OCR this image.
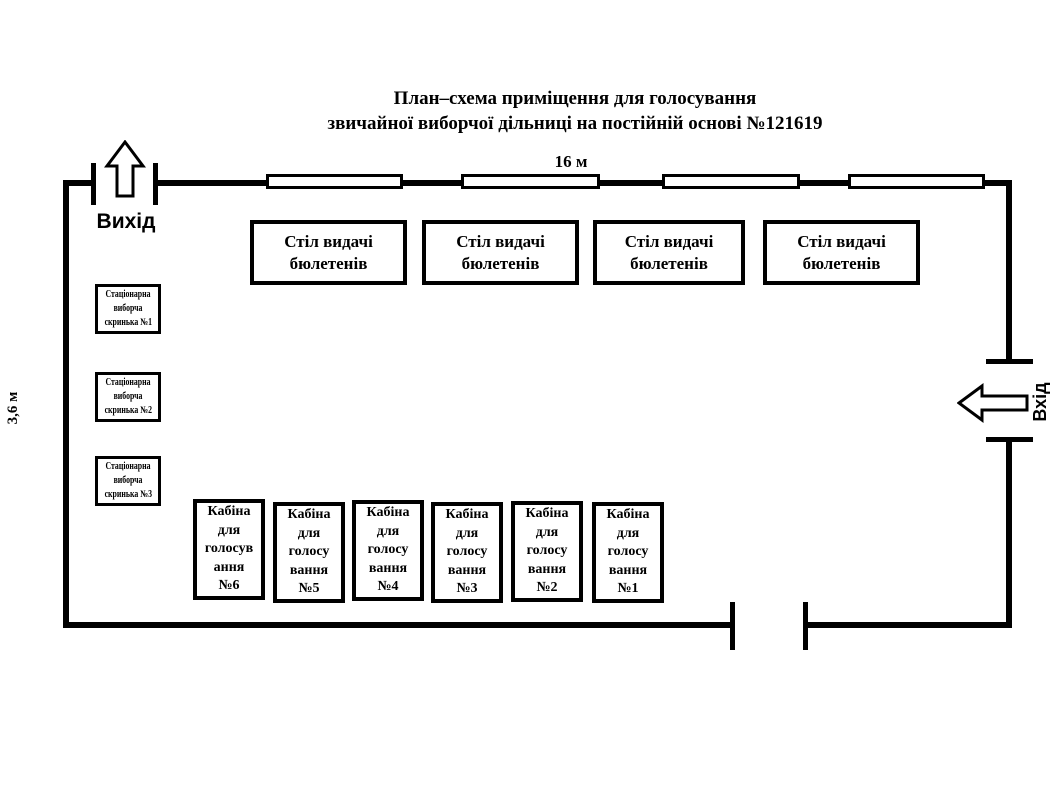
План–схема приміщення для голосування
звичайної виборчої дільниці на постійній основі №121619
16 м
3,6 м
Вихід
Вхід
Стіл видачі
бюлетенів
Стіл видачі
бюлетенів
Стіл видачі
бюлетенів
Стіл видачі
бюлетенів
Стаціонарна
виборча
скринька №1
Стаціонарна
виборча
скринька №2
Стаціонарна
виборча
скринька №3
Кабіна
для
голосув
ання
№6
Кабіна
для
голосу
вання
№5
Кабіна
для
голосу
вання
№4
Кабіна
для
голосу
вання
№3
Кабіна
для
голосу
вання
№2
Кабіна
для
голосу
вання
№1
